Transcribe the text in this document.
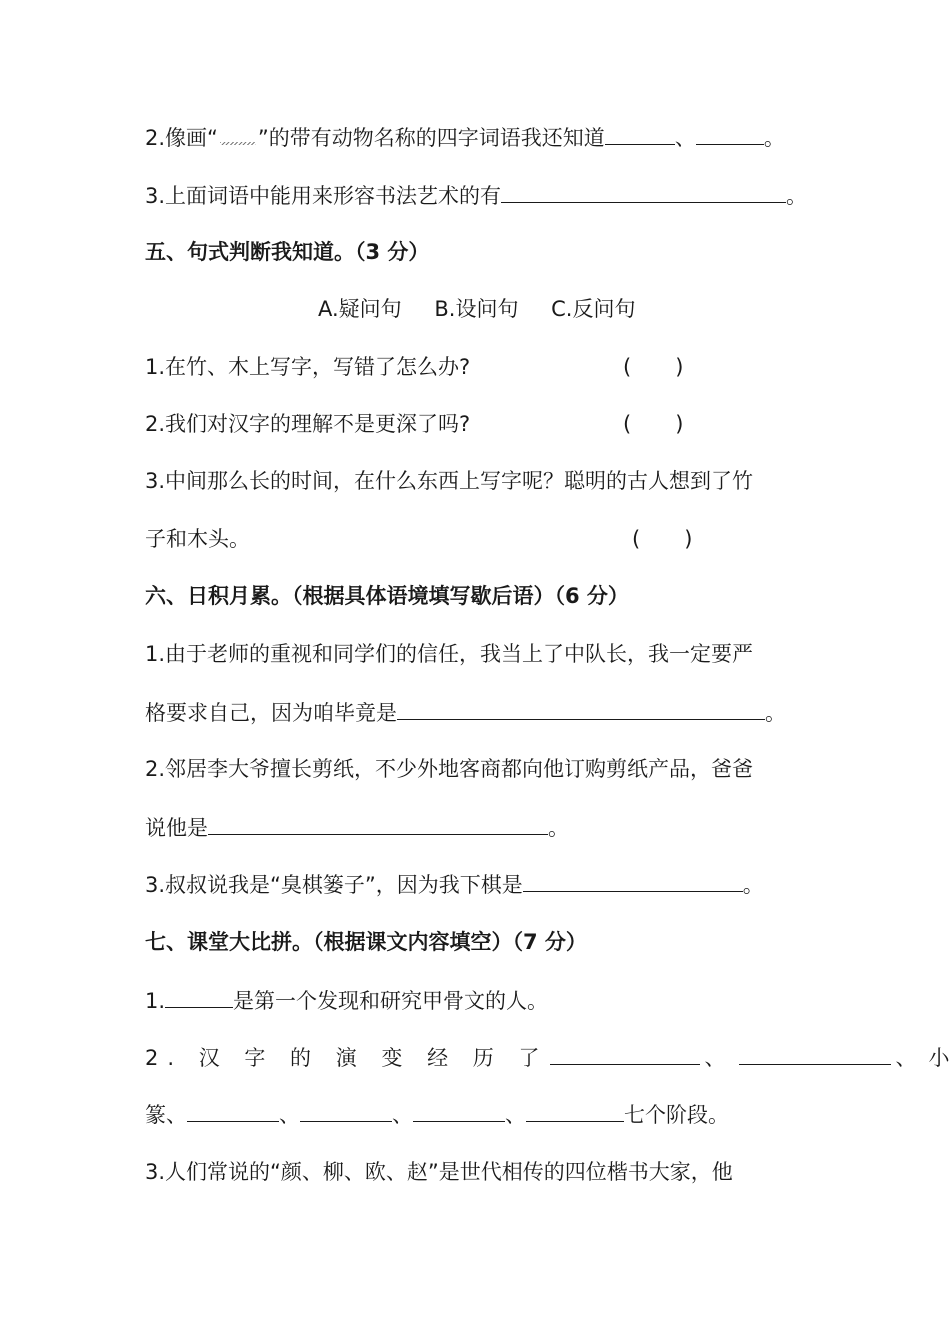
2.像画“ ”的带有动物名称的四字词语我还知道	、	。
3.上面词语中能用来形容书法艺术的有	。
五、句式判断我知道。（3 分）
A.疑问句 B.设问句 C.反问句
1.在竹、木上写字，写错了怎么办?	( )
2.我们对汉字的理解不是更深了吗?	( )
3.中间那么长的时间，在什么东西上写字呢？聪明的古人想到了竹
子和木头。	( )
六、日积月累。（根据具体语境填写歇后语）（6 分）
1.由于老师的重视和同学们的信任，我当上了中队长，我一定要严
格要求自己，因为咱毕竟是	。
2.邻居李大爷擅长剪纸，不少外地客商都向他订购剪纸产品，爸爸
说他是	。
3.叔叔说我是“臭棋篓子”，因为我下棋是	。
七、课堂大比拼。（根据课文内容填空）（7 分）
1.	是第一个发现和研究甲骨文的人。
2. 汉 字 的 演 变 经 历 了	、	、 小
篆、	、	、	、	七个阶段。
3.人们常说的“颜、柳、欧、赵”是世代相传的四位楷书大家，他
